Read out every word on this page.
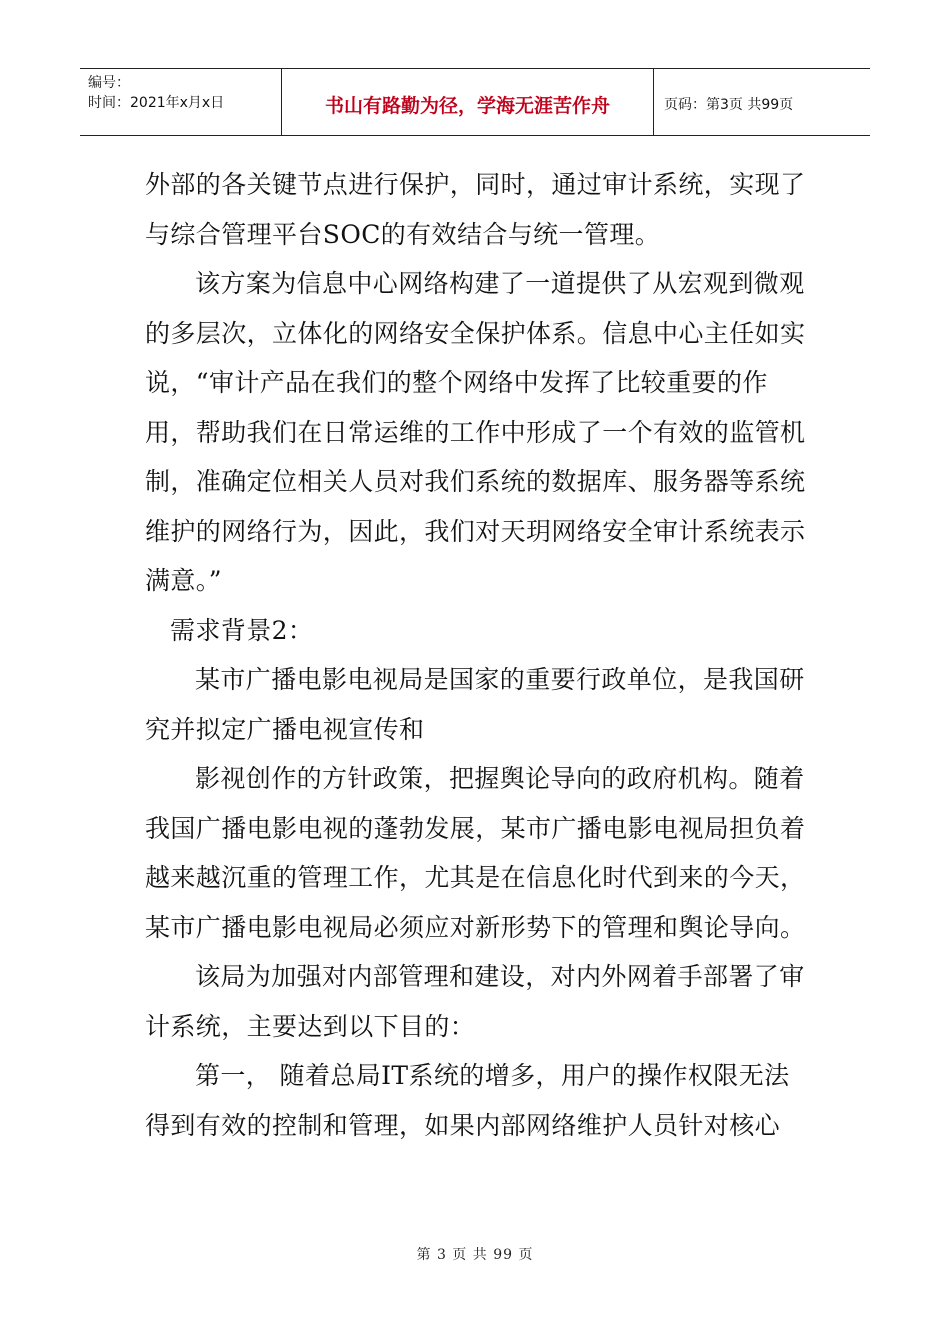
编号：
时间：2021年x月x日	书山有路勤为径，学海无涯苦作舟	页码：第3页 共99页

外部的各关键节点进行保护，同时，通过审计系统，实现了与综合管理平台SOC的有效结合与统一管理。

该方案为信息中心网络构建了一道提供了从宏观到微观的多层次，立体化的网络安全保护体系。信息中心主任如实说，“审计产品在我们的整个网络中发挥了比较重要的作用，帮助我们在日常运维的工作中形成了一个有效的监管机制，准确定位相关人员对我们系统的数据库、服务器等系统维护的网络行为，因此，我们对天玥网络安全审计系统表示满意。”

需求背景2：

某市广播电影电视局是国家的重要行政单位，是我国研究并拟定广播电视宣传和

影视创作的方针政策，把握舆论导向的政府机构。随着我国广播电影电视的蓬勃发展，某市广播电影电视局担负着越来越沉重的管理工作，尤其是在信息化时代到来的今天，某市广播电影电视局必须应对新形势下的管理和舆论导向。

该局为加强对内部管理和建设，对内外网着手部署了审计系统，主要达到以下目的：

第一， 随着总局IT系统的增多，用户的操作权限无法得到有效的控制和管理，如果内部网络维护人员针对核心

第 3 页 共 99 页
